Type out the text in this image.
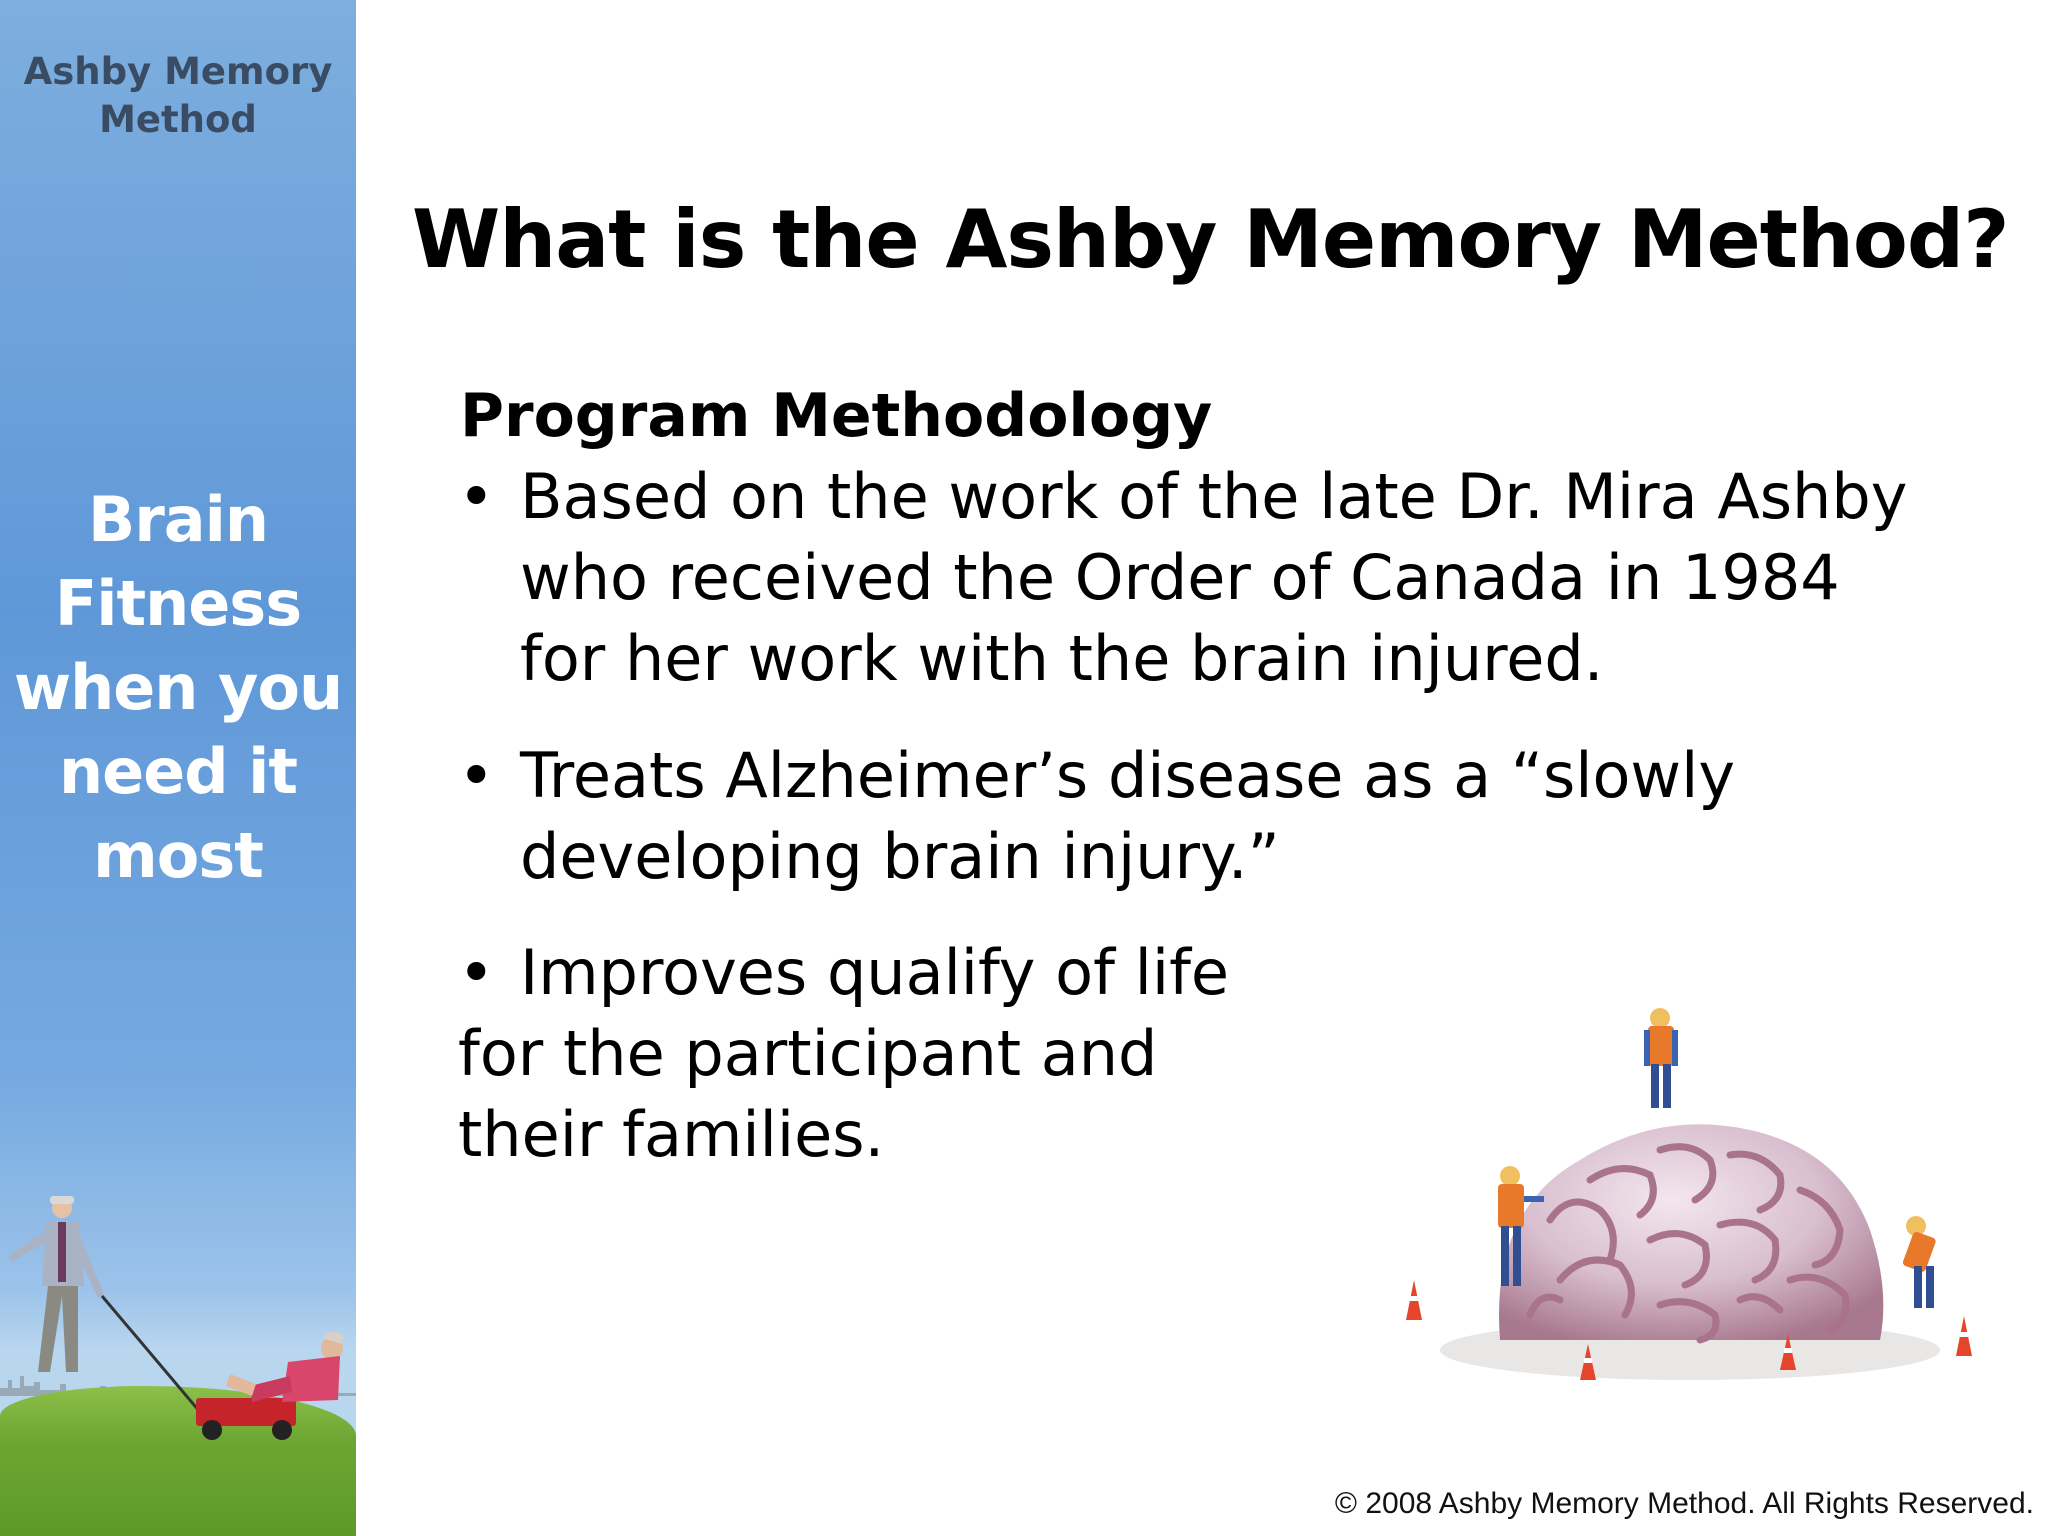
Ashby Memory
Method
Brain
Fitness
when you
need it
most
What is the Ashby Memory Method?
Program Methodology
• Based on the work of the late Dr. Mira Ashby
who received the Order of Canada in 1984
for her work with the brain injured.
• Treats Alzheimer’s disease as a “slowly
developing brain injury.”
• Improves qualify of life
for the participant and
their families.
© 2008 Ashby Memory Method. All Rights Reserved.
